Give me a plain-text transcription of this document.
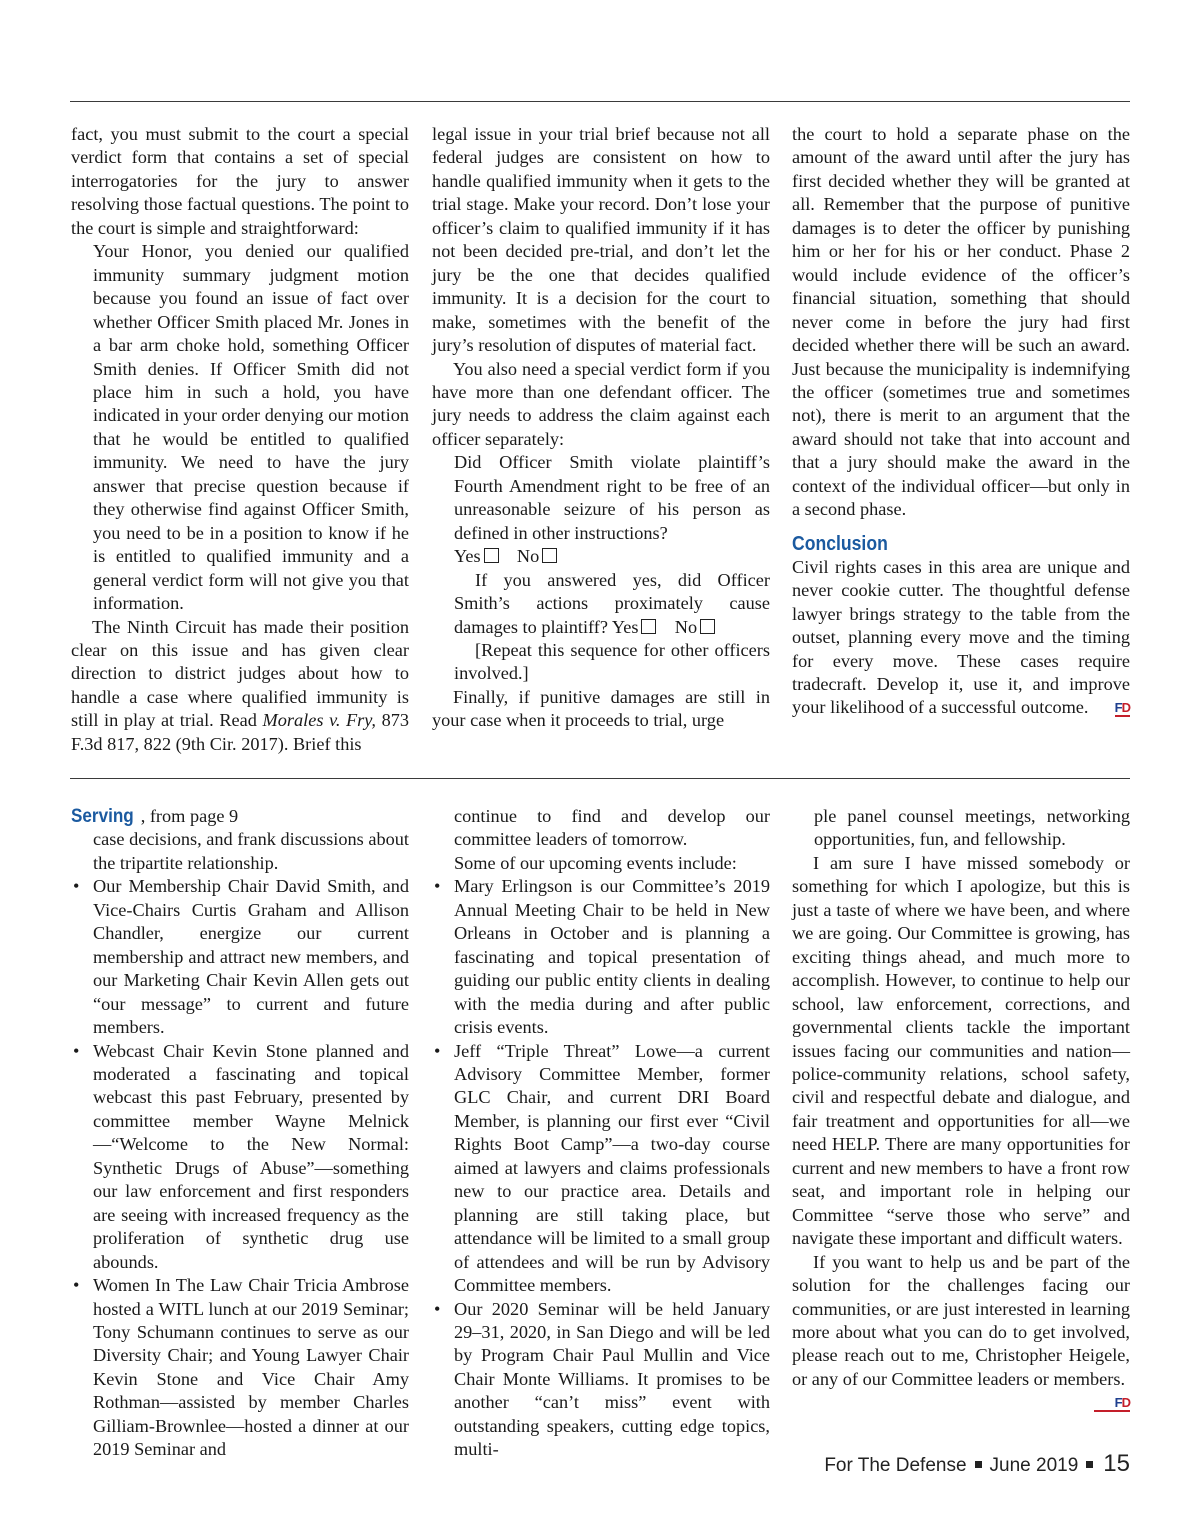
fact, you must submit to the court a special verdict form that contains a set of special interrogatories for the jury to answer resolving those factual questions. The point to the court is simple and straightforward:

Your Honor, you denied our qualified immunity summary judgment motion because you found an issue of fact over whether Officer Smith placed Mr. Jones in a bar arm choke hold, something Officer Smith denies. If Officer Smith did not place him in such a hold, you have indicated in your order denying our motion that he would be entitled to qualified immunity. We need to have the jury answer that precise question because if they otherwise find against Officer Smith, you need to be in a position to know if he is entitled to qualified immunity and a general verdict form will not give you that information.

The Ninth Circuit has made their position clear on this issue and has given clear direction to district judges about how to handle a case where qualified immunity is still in play at trial. Read Morales v. Fry, 873 F.3d 817, 822 (9th Cir. 2017). Brief this

legal issue in your trial brief because not all federal judges are consistent on how to handle qualified immunity when it gets to the trial stage. Make your record. Don’t lose your officer’s claim to qualified immunity if it has not been decided pre-trial, and don’t let the jury be the one that decides qualified immunity. It is a decision for the court to make, sometimes with the benefit of the jury’s resolution of disputes of material fact.

You also need a special verdict form if you have more than one defendant officer. The jury needs to address the claim against each officer separately:

Did Officer Smith violate plaintiff’s Fourth Amendment right to be free of an unreasonable seizure of his person as defined in other instructions?

Yes No

If you answered yes, did Officer Smith’s actions proximately cause damages to plaintiff? Yes No

[Repeat this sequence for other officers involved.]

Finally, if punitive damages are still in your case when it proceeds to trial, urge

the court to hold a separate phase on the amount of the award until after the jury has first decided whether they will be granted at all. Remember that the purpose of punitive damages is to deter the officer by punishing him or her for his or her conduct. Phase 2 would include evidence of the officer’s financial situation, something that should never come in before the jury had first decided whether there will be such an award. Just because the municipality is indemnifying the officer (sometimes true and sometimes not), there is merit to an argument that the award should not take that into account and that a jury should make the award in the context of the individual officer—but only in a second phase.

Conclusion

Civil rights cases in this area are unique and never cookie cutter. The thoughtful defense lawyer brings strategy to the table from the outset, planning every move and the timing for every move. These cases require tradecraft. Develop it, use it, and improve your likelihood of a successful outcome. FD

Serving , from page 9

case decisions, and frank discussions about the tripartite relationship.

• Our Membership Chair David Smith, and Vice-Chairs Curtis Graham and Allison Chandler, energize our current membership and attract new members, and our Marketing Chair Kevin Allen gets out “our message” to current and future members.
• Webcast Chair Kevin Stone planned and moderated a fascinating and topical webcast this past February, presented by committee member Wayne Melnick—“Welcome to the New Normal: Synthetic Drugs of Abuse”—something our law enforcement and first responders are seeing with increased frequency as the proliferation of synthetic drug use abounds.
• Women In The Law Chair Tricia Ambrose hosted a WITL lunch at our 2019 Seminar; Tony Schumann continues to serve as our Diversity Chair; and Young Lawyer Chair Kevin Stone and Vice Chair Amy Rothman—assisted by member Charles Gilliam-Brownlee—hosted a dinner at our 2019 Seminar and

continue to find and develop our committee leaders of tomorrow.

Some of our upcoming events include:

• Mary Erlingson is our Committee’s 2019 Annual Meeting Chair to be held in New Orleans in October and is planning a fascinating and topical presentation of guiding our public entity clients in dealing with the media during and after public crisis events.
• Jeff “Triple Threat” Lowe—a current Advisory Committee Member, former GLC Chair, and current DRI Board Member, is planning our first ever “Civil Rights Boot Camp”—a two-day course aimed at lawyers and claims professionals new to our practice area. Details and planning are still taking place, but attendance will be limited to a small group of attendees and will be run by Advisory Committee members.
• Our 2020 Seminar will be held January 29–31, 2020, in San Diego and will be led by Program Chair Paul Mullin and Vice Chair Monte Williams. It promises to be another “can’t miss” event with outstanding speakers, cutting edge topics, multi-

ple panel counsel meetings, networking opportunities, fun, and fellowship.

I am sure I have missed somebody or something for which I apologize, but this is just a taste of where we have been, and where we are going. Our Committee is growing, has exciting things ahead, and much more to accomplish. However, to continue to help our school, law enforcement, corrections, and governmental clients tackle the important issues facing our communities and nation—police-community relations, school safety, civil and respectful debate and dialogue, and fair treatment and opportunities for all—we need HELP. There are many opportunities for current and new members to have a front row seat, and important role in helping our Committee “serve those who serve” and navigate these important and difficult waters.

If you want to help us and be part of the solution for the challenges facing our communities, or are just interested in learning more about what you can do to get involved, please reach out to me, Christopher Heigele, or any of our Committee leaders or members.
FD

For The Defense June 2019 15
